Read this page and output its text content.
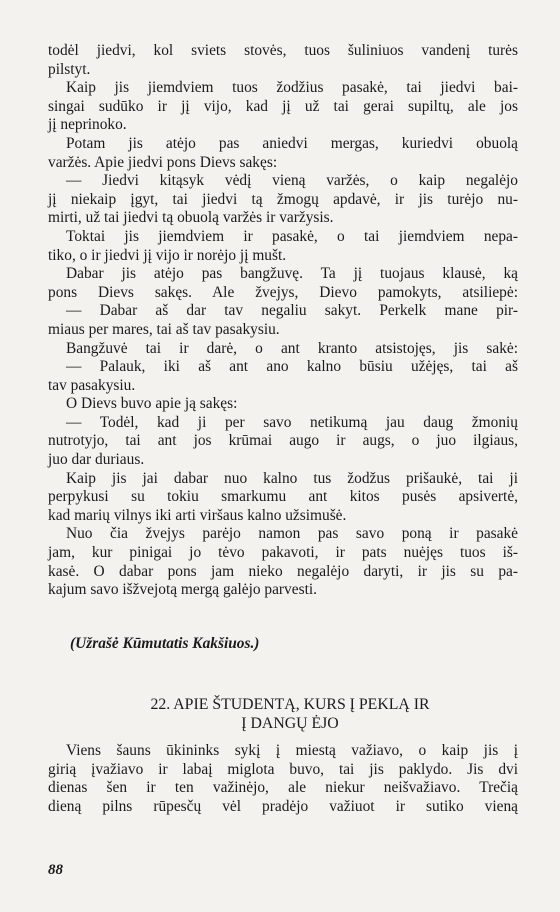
todėl jiedvi, kol sviets stovės, tuos šuliniuos vandenį turės
pilstyt.
Kaip jis jiemdviem tuos žodžius pasakė, tai jiedvi bai-
singai sudūko ir jį vijo, kad jį už tai gerai supiltų, ale jos
jį neprinoko.
Potam jis atėjo pas aniedvi mergas, kuriedvi obuolą
varžės. Apie jiedvi pons Dievs sakęs:
— Jiedvi kitąsyk vėdį vieną varžės, o kaip negalėjo
jį niekaip įgyt, tai jiedvi tą žmogų apdavė, ir jis turėjo nu-
mirti, už tai jiedvi tą obuolą varžės ir varžysis.
Toktai jis jiemdviem ir pasakė, o tai jiemdviem nepa-
tiko, o ir jiedvi jį vijo ir norėjo jį mušt.
Dabar jis atėjo pas bangžuvę. Ta jį tuojaus klausė, ką
pons Dievs sakęs. Ale žvejys, Dievo pamokyts, atsiliepė:
— Dabar aš dar tav negaliu sakyt. Perkelk mane pir-
miaus per mares, tai aš tav pasakysiu.
Bangžuvė tai ir darė, o ant kranto atsistojęs, jis sakė:
— Palauk, iki aš ant ano kalno būsiu užėjęs, tai aš
tav pasakysiu.
O Dievs buvo apie ją sakęs:
— Todėl, kad ji per savo netikumą jau daug žmonių
nutrotyjo, tai ant jos krūmai augo ir augs, o juo ilgiaus,
juo dar duriaus.
Kaip jis jai dabar nuo kalno tus žodžus prišaukė, tai ji
perpykusi su tokiu smarkumu ant kitos pusės apsivertė,
kad marių vilnys iki arti viršaus kalno užsimušė.
Nuo čia žvejys parėjo namon pas savo poną ir pasakė
jam, kur pinigai jo tėvo pakavoti, ir pats nuėjęs tuos iš-
kasė. O dabar pons jam nieko negalėjo daryti, ir jis su pa-
kajum savo išžvejotą mergą galėjo parvesti.
(Užrašė Kūmutatis Kakšiuos.)
22. APIE ŠTUDENTĄ, KURS Į PEKLĄ IR
Į DANGŲ ĖJO
Viens šauns ūkininks sykį į miestą važiavo, o kaip jis į
girią įvažiavo ir labaį miglota buvo, tai jis paklydo. Jis dvi
dienas šen ir ten važinėjo, ale niekur neišvažiavo. Trečią
dieną pilns rūpesčų vėl pradėjo važiuot ir sutiko vieną
88
